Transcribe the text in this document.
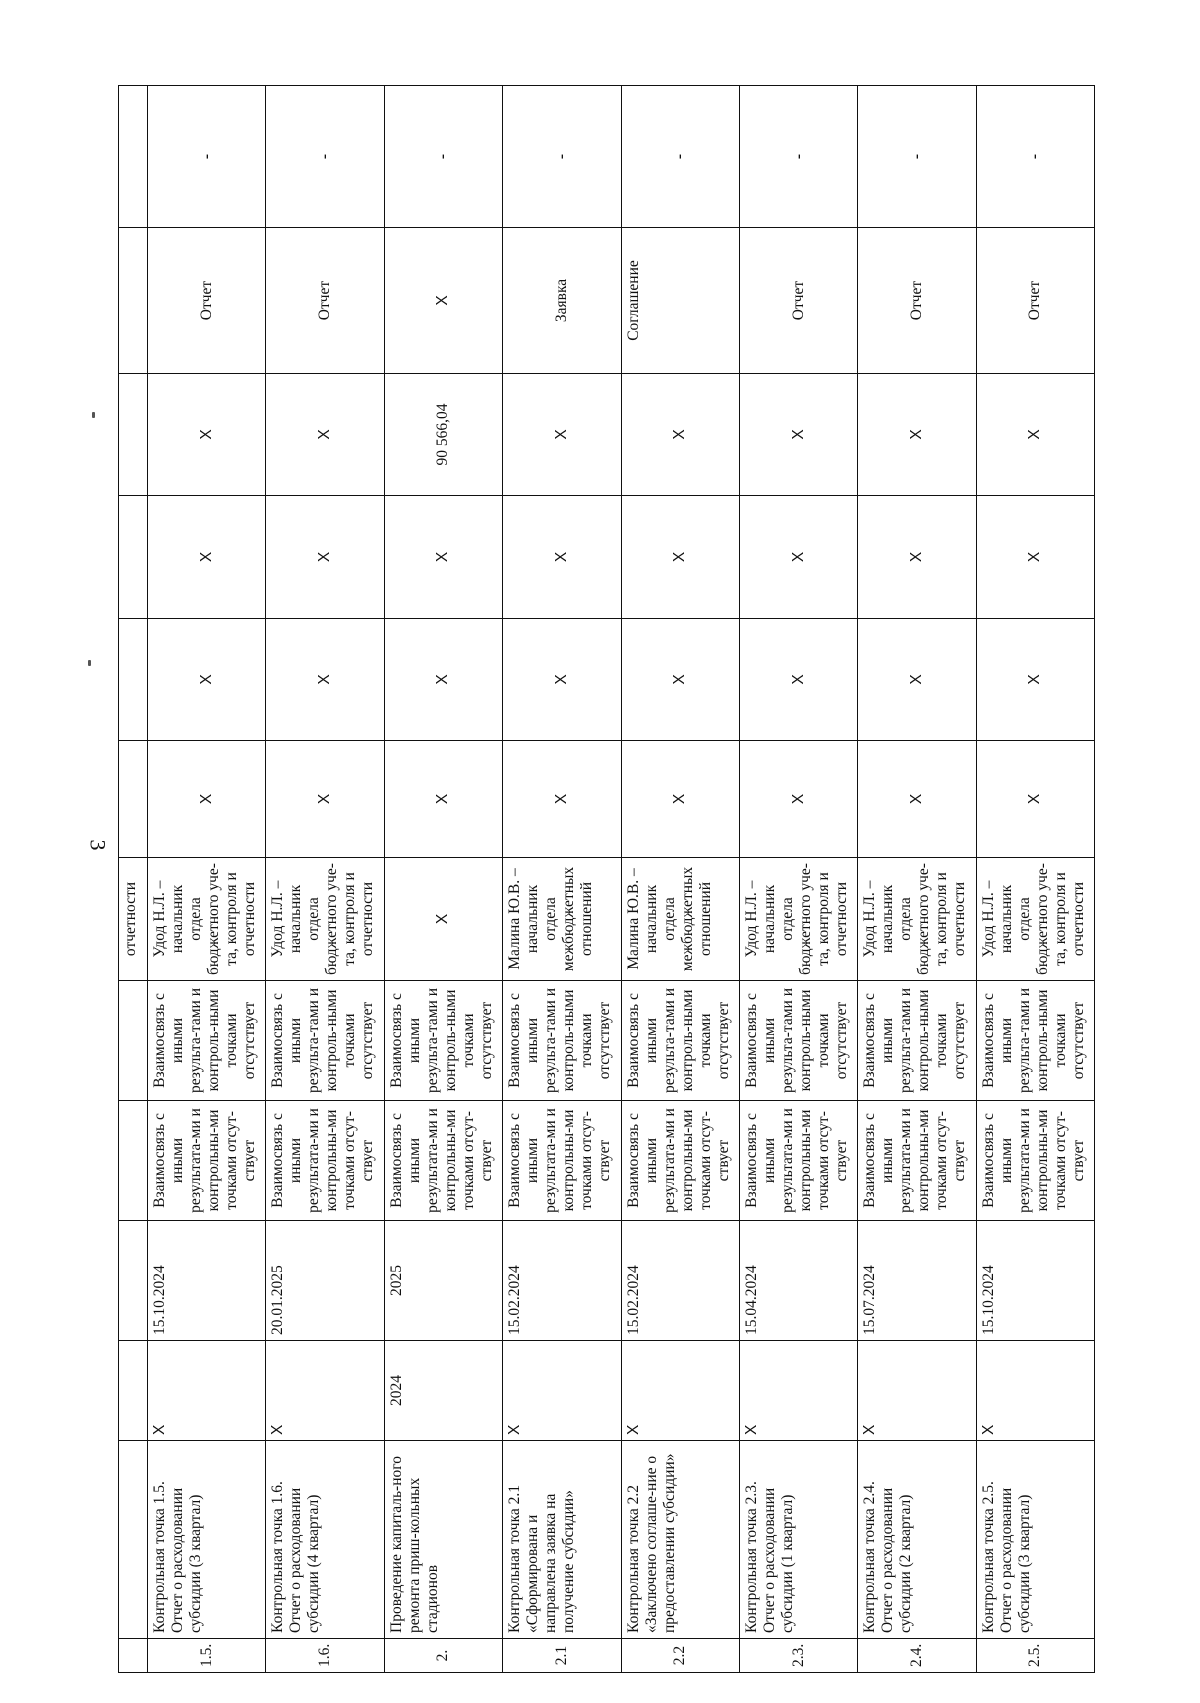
3
						отчетности						
1.5.	Контрольная точка 1.5. Отчет о расходовании субсидии (3 квартал)	X	15.10.2024	Взаимосвязь с иными результата-ми и контрольны-ми точками отсут-ствует	Взаимосвязь с иными результа-тами и контроль-ными точками отсутствует	Удод Н.Л. – начальник отдела бюджетного уче-та, контроля и отчетности	X	X	X	X	Отчет	-
1.6.	Контрольная точка 1.6. Отчет о расходовании субсидии (4 квартал)	X	20.01.2025	Взаимосвязь с иными результата-ми и контрольны-ми точками отсут-ствует	Взаимосвязь с иными результа-тами и контроль-ными точками отсутствует	Удод Н.Л. – начальник отдела бюджетного уче-та, контроля и отчетности	X	X	X	X	Отчет	-
2.	Проведение капиталь-ного ремонта приш-кольных стадионов	2024	2025	Взаимосвязь с иными результата-ми и контрольны-ми точками отсут-ствует	Взаимосвязь с иными результа-тами и контроль-ными точками отсутствует	X	X	X	X	90 566,04	X	-
2.1	Контрольная точка 2.1 «Сформирована и направлена заявка на получение субсидии»	X	15.02.2024	Взаимосвязь с иными результата-ми и контрольны-ми точками отсут-ствует	Взаимосвязь с иными результа-тами и контроль-ными точками отсутствует	Малина Ю.В. – начальник отдела межбюджетных отношений	X	X	X	X	Заявка	-
2.2	Контрольная точка 2.2 «Заключено соглаше-ние о предоставлении субсидии»	X	15.02.2024	Взаимосвязь с иными результата-ми и контрольны-ми точками отсут-ствует	Взаимосвязь с иными результа-тами и контроль-ными точками отсутствует	Малина Ю.В. – начальник отдела межбюджетных отношений	X	X	X	X	Соглашение	-
2.3.	Контрольная точка 2.3. Отчет о расходовании субсидии (1 квартал)	X	15.04.2024	Взаимосвязь с иными результата-ми и контрольны-ми точками отсут-ствует	Взаимосвязь с иными результа-тами и контроль-ными точками отсутствует	Удод Н.Л. – начальник отдела бюджетного уче-та, контроля и отчетности	X	X	X	X	Отчет	-
2.4.	Контрольная точка 2.4. Отчет о расходовании субсидии (2 квартал)	X	15.07.2024	Взаимосвязь с иными результата-ми и контрольны-ми точками отсут-ствует	Взаимосвязь с иными результа-тами и контроль-ными точками отсутствует	Удод Н.Л. – начальник отдела бюджетного уче-та, контроля и отчетности	X	X	X	X	Отчет	-
2.5.	Контрольная точка 2.5. Отчет о расходовании субсидии (3 квартал)	X	15.10.2024	Взаимосвязь с иными результата-ми и контрольны-ми точками отсут-ствует	Взаимосвязь с иными результа-тами и контроль-ными точками отсутствует	Удод Н.Л. – начальник отдела бюджетного уче-та, контроля и отчетности	X	X	X	X	Отчет	-
